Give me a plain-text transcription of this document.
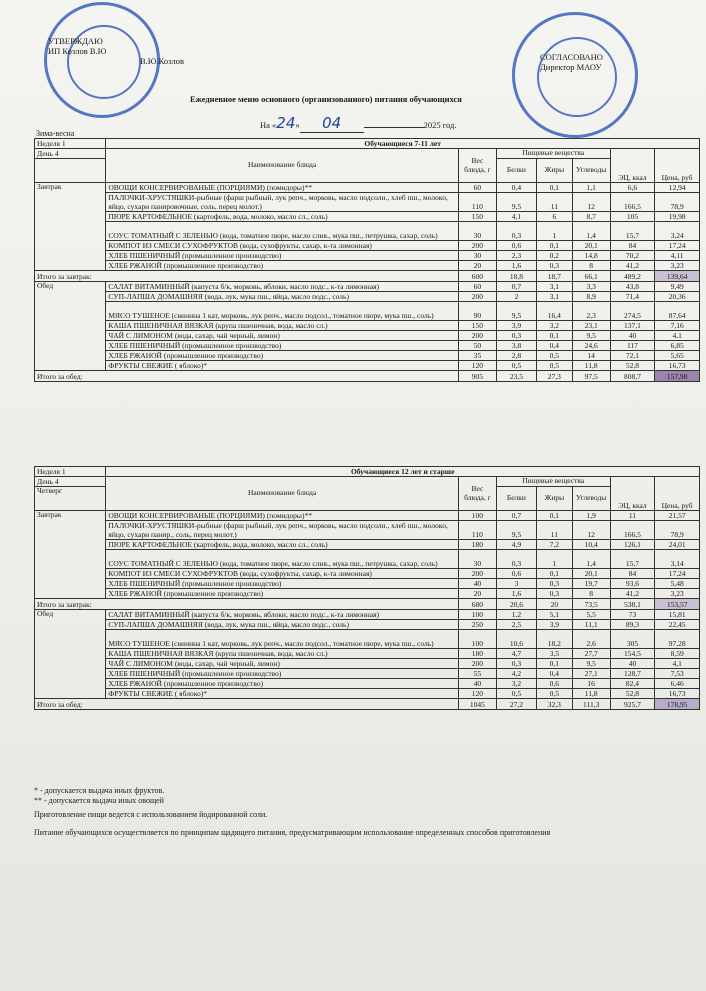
УТВЕРЖДАЮ
ИП Козлов В.Ю
В.Ю.Козлов	СОГЛАСОВАНО
Директор МАОУ
Ежедневное меню основного (организованного) питания обучающихся
На «24» 04	2025 год.
Зима-весна
Неделя 1	Обучающиеся 7-11 лет						
День 4	Наименование блюда	Вес блюда, г	Пищевые вещества			ЭЦ, ккал	Цена, руб
			Белки	Жиры	Углеводы		

Завтрак	ОВОЩИ КОНСЕРВИРОВАНЫЕ (ПОРЦИЯМИ) (помидоры)**	60	0,4	0,1	1,1	6,6	12,94
	ПАЛОЧКИ-ХРУСТЯШКИ-рыбные (фарш рыбный, лук репч., морковь, масло подсолн., хлеб пш., молоко, яйцо, сухари панировочные, соль, перец молот.)	110	9,5	11	12	166,5	78,9
	ПЮРЕ КАРТОФЕЛЬНОЕ (картофель, вода, молоко, масло сл., соль)	150	4,1	6	8,7	105	19,98
	СОУС ТОМАТНЫЙ С ЗЕЛЕНЬЮ (вода, томатное пюре, масло слив., мука пш., петрушка, сахар, соль)	30	0,3	1	1,4	15,7	3,24
	КОМПОТ ИЗ СМЕСИ СУХОФРУКТОВ (вода, сухофрукты, сахар, к-та лимонная)	200	0,6	0,1	20,1	84	17,24
	ХЛЕБ ПШЕНИЧНЫЙ (промышленное производство)	30	2,3	0,2	14,8	70,2	4,11
	ХЛЕБ РЖАНОЙ (промышленное производство)	20	1,6	0,3	8	41,2	3,23
Итого за завтрак:		600	18,8	18,7	66,1	489,2	139,64
Обед	САЛАТ ВИТАМИННЫЙ (капуста б/к, морковь, яблоки, масло подс., к-та лимонная)	60	0,7	3,1	3,3	43,8	9,49
	СУП-ЛАПША ДОМАШНЯЯ (вода, лук, мука пш., яйца, масло подс., соль)	200	2	3,1	8,9	71,4	20,36
	МЯСО ТУШЕНОЕ (свинина 1 кат, морковь, лук репч., масло подсол., томатное пюре, мука пш., соль)	90	9,5	16,4	2,3	274,5	87,64
	КАША ПШЕНИЧНАЯ ВЯЗКАЯ (крупа пшеничная, вода, масло сл.)	150	3,9	3,2	23,1	137,1	7,16
	ЧАЙ С ЛИМОНОМ (вода, сахар, чай черный, лимон)	200	0,3	0,1	9,5	40	4,1
	ХЛЕБ ПШЕНИЧНЫЙ (промышленное производство)	50	3,8	0,4	24,6	117	6,85
	ХЛЕБ РЖАНОЙ (промышленное производство)	35	2,8	0,5	14	72,1	5,65
	ФРУКТЫ СВЕЖИЕ ( яблоко)*	120	0,5	0,5	11,8	52,8	16,73
Итого за обед:		905	23,5	27,3	97,5	808,7	157,98
Неделя 1	Обучающиеся 12 лет и старше						
День 4	Наименование блюда	Вес блюда, г	Пищевые вещества			ЭЦ, ккал	Цена, руб
Четверг			Белки	Жиры	Углеводы		

Завтрак	ОВОЩИ КОНСЕРВИРОВАНЫЕ (ПОРЦИЯМИ) (помидоры)**	100	0,7	0,1	1,9	11	21,57
	ПАЛОЧКИ-ХРУСТЯШКИ-рыбные (фарш рыбный, лук репч., морковь, масло подсолн., хлеб пш., молоко, яйцо, сухари панир., соль, перец молот.)	110	9,5	11	12	166,5	78,9
	ПЮРЕ КАРТОФЕЛЬНОЕ (картофель, вода, молоко, масло сл., соль)	180	4,9	7,2	10,4	126,1	24,01
	СОУС ТОМАТНЫЙ С ЗЕЛЕНЬЮ (вода, томатное пюре, масло слив., мука пш., петрушка, сахар, соль)	30	0,3	1	1,4	15,7	3,14
	КОМПОТ ИЗ СМЕСИ СУХОФРУКТОВ (вода, сухофрукты, сахар, к-та лимонная)	200	0,6	0,1	20,1	84	17,24
	ХЛЕБ ПШЕНИЧНЫЙ (промышленное производство)	40	3	0,3	19,7	93,6	5,48
	ХЛЕБ РЖАНОЙ (промышленное производство)	20	1,6	0,3	8	41,2	3,23
Итого за завтрак:		680	20,6	20	73,5	538,1	153,57
Обед	САЛАТ ВИТАМИННЫЙ (капуста б/к, морковь, яблоки, масло подс., к-та лимонная)	100	1,2	5,1	5,5	73	15,81
	СУП-ЛАПША ДОМАШНЯЯ (вода, лук, мука пш., яйца, масло подс., соль)	250	2,5	3,9	11,1	89,3	22,45
	МЯСО ТУШЕНОЕ (свинина 1 кат, морковь, лук репч., масло подсол., томатное пюре, мука пш., соль)	100	10,6	18,2	2,6	305	97,28
	КАША ПШЕНИЧНАЯ ВЯЗКАЯ (крупа пшеничная, вода, масло сл.)	180	4,7	3,5	27,7	154,5	8,59
	ЧАЙ С ЛИМОНОМ (вода, сахар, чай черный, лимон)	200	0,3	0,1	9,5	40	4,1
	ХЛЕБ ПШЕНИЧНЫЙ (промышленное производство)	55	4,2	0,4	27,1	128,7	7,53
	ХЛЕБ РЖАНОЙ (промышленное производство)	40	3,2	0,6	16	82,4	6,46
	ФРУКТЫ СВЕЖИЕ ( яблоко)*	120	0,5	0,5	11,8	52,8	16,73
Итого за обед:		1045	27,2	32,3	111,3	925,7	178,95
* - допускается выдача иных фруктов.
** - допускается выдача иных овощей
Приготовление пищи ведется с использованием йодированной соли.
Питание обучающихся осуществляется по принципам щадящего питания, предусматривающим использование определенных способов приготовления
